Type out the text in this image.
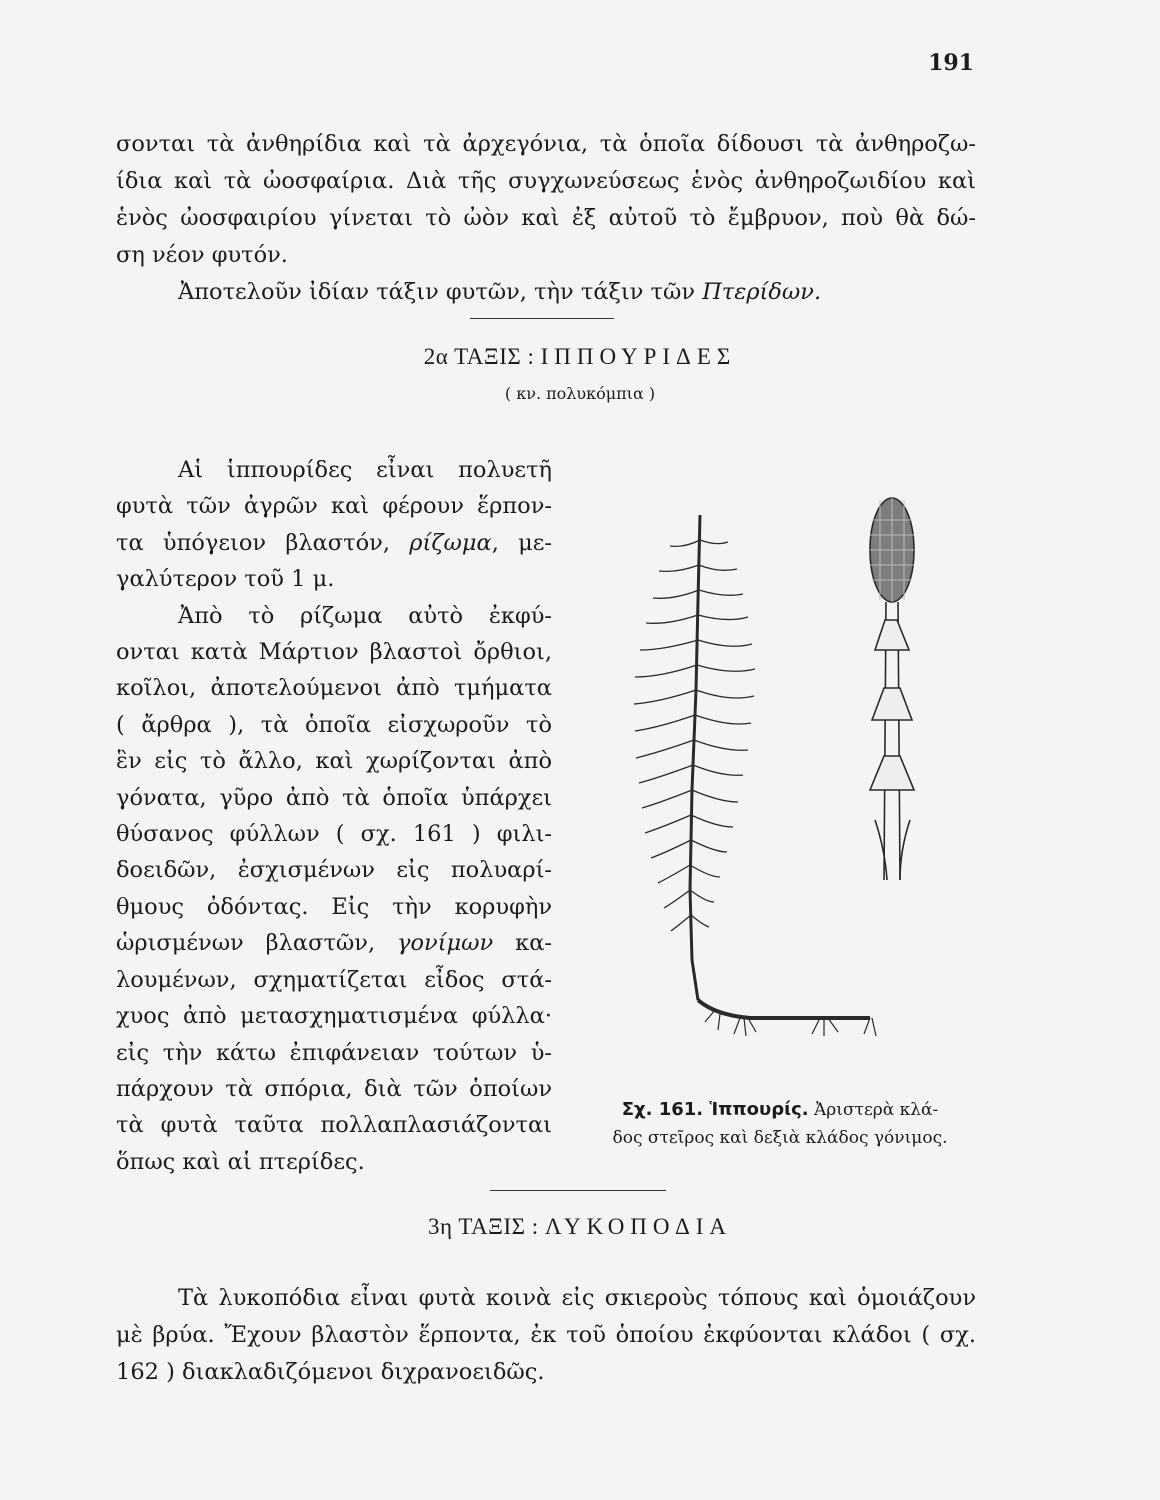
191
σονται τὰ ἀνθηρίδια καὶ τὰ ἀρχεγόνια, τὰ ὁποῖα δίδουσι τὰ ἀνθηροζω-
ίδια καὶ τὰ ὠοσφαίρια. Διὰ τῆς συγχωνεύσεως ἑνὸς ἀνθηροζωιδίου καὶ
ἑνὸς ὠοσφαιρίου γίνεται τὸ ὠὸν καὶ ἐξ αὐτοῦ τὸ ἔμβρυον, ποὺ θὰ δώ-
ση νέον φυτόν.
Ἀποτελοῦν ἰδίαν τάξιν φυτῶν, τὴν τάξιν τῶν Πτερίδων.
2α ΤΑΞΙΣ : ΙΠΠΟΥΡΙΔΕΣ
( κν. πολυκόμπια )
Αἱ ἱππουρίδες εἶναι πολυετῆ
φυτὰ τῶν ἀγρῶν καὶ φέρουν ἕρπον-
τα ὑπόγειον βλαστόν, ρίζωμα, με-
γαλύτερον τοῦ 1 μ.
Ἀπὸ τὸ ρίζωμα αὐτὸ ἐκφύ-
ονται κατὰ Μάρτιον βλαστοὶ ὄρθιοι,
κοῖλοι, ἀποτελούμενοι ἀπὸ τμήματα
( ἄρθρα ), τὰ ὁποῖα εἰσχωροῦν τὸ
ἓν εἰς τὸ ἄλλο, καὶ χωρίζονται ἀπὸ
γόνατα, γῦρο ἀπὸ τὰ ὁποῖα ὑπάρχει
θύσανος φύλλων ( σχ. 161 ) φιλι-
δοειδῶν, ἐσχισμένων εἰς πολυαρί-
θμους ὀδόντας. Εἰς τὴν κορυφὴν
ὡρισμένων βλαστῶν, γονίμων κα-
λουμένων, σχηματίζεται εἶδος στά-
χυος ἀπὸ μετασχηματισμένα φύλλα·
εἰς τὴν κάτω ἐπιφάνειαν τούτων ὑ-
πάρχουν τὰ σπόρια, διὰ τῶν ὁποίων
τὰ φυτὰ ταῦτα πολλαπλασιάζονται
ὅπως καὶ αἱ πτερίδες.
Σχ. 161. Ἱππουρίς. Ἀριστερὰ κλά-
δος στεῖρος καὶ δεξιὰ κλάδος γόνιμος.
3η ΤΑΞΙΣ : ΛΥΚΟΠΟΔΙΑ
Τὰ λυκοπόδια εἶναι φυτὰ κοινὰ εἰς σκιεροὺς τόπους καὶ ὁμοιάζουν
μὲ βρύα. Ἔχουν βλαστὸν ἕρποντα, ἐκ τοῦ ὁποίου ἐκφύονται κλάδοι ( σχ.
162 ) διακλαδιζόμενοι διχρανοειδῶς.
